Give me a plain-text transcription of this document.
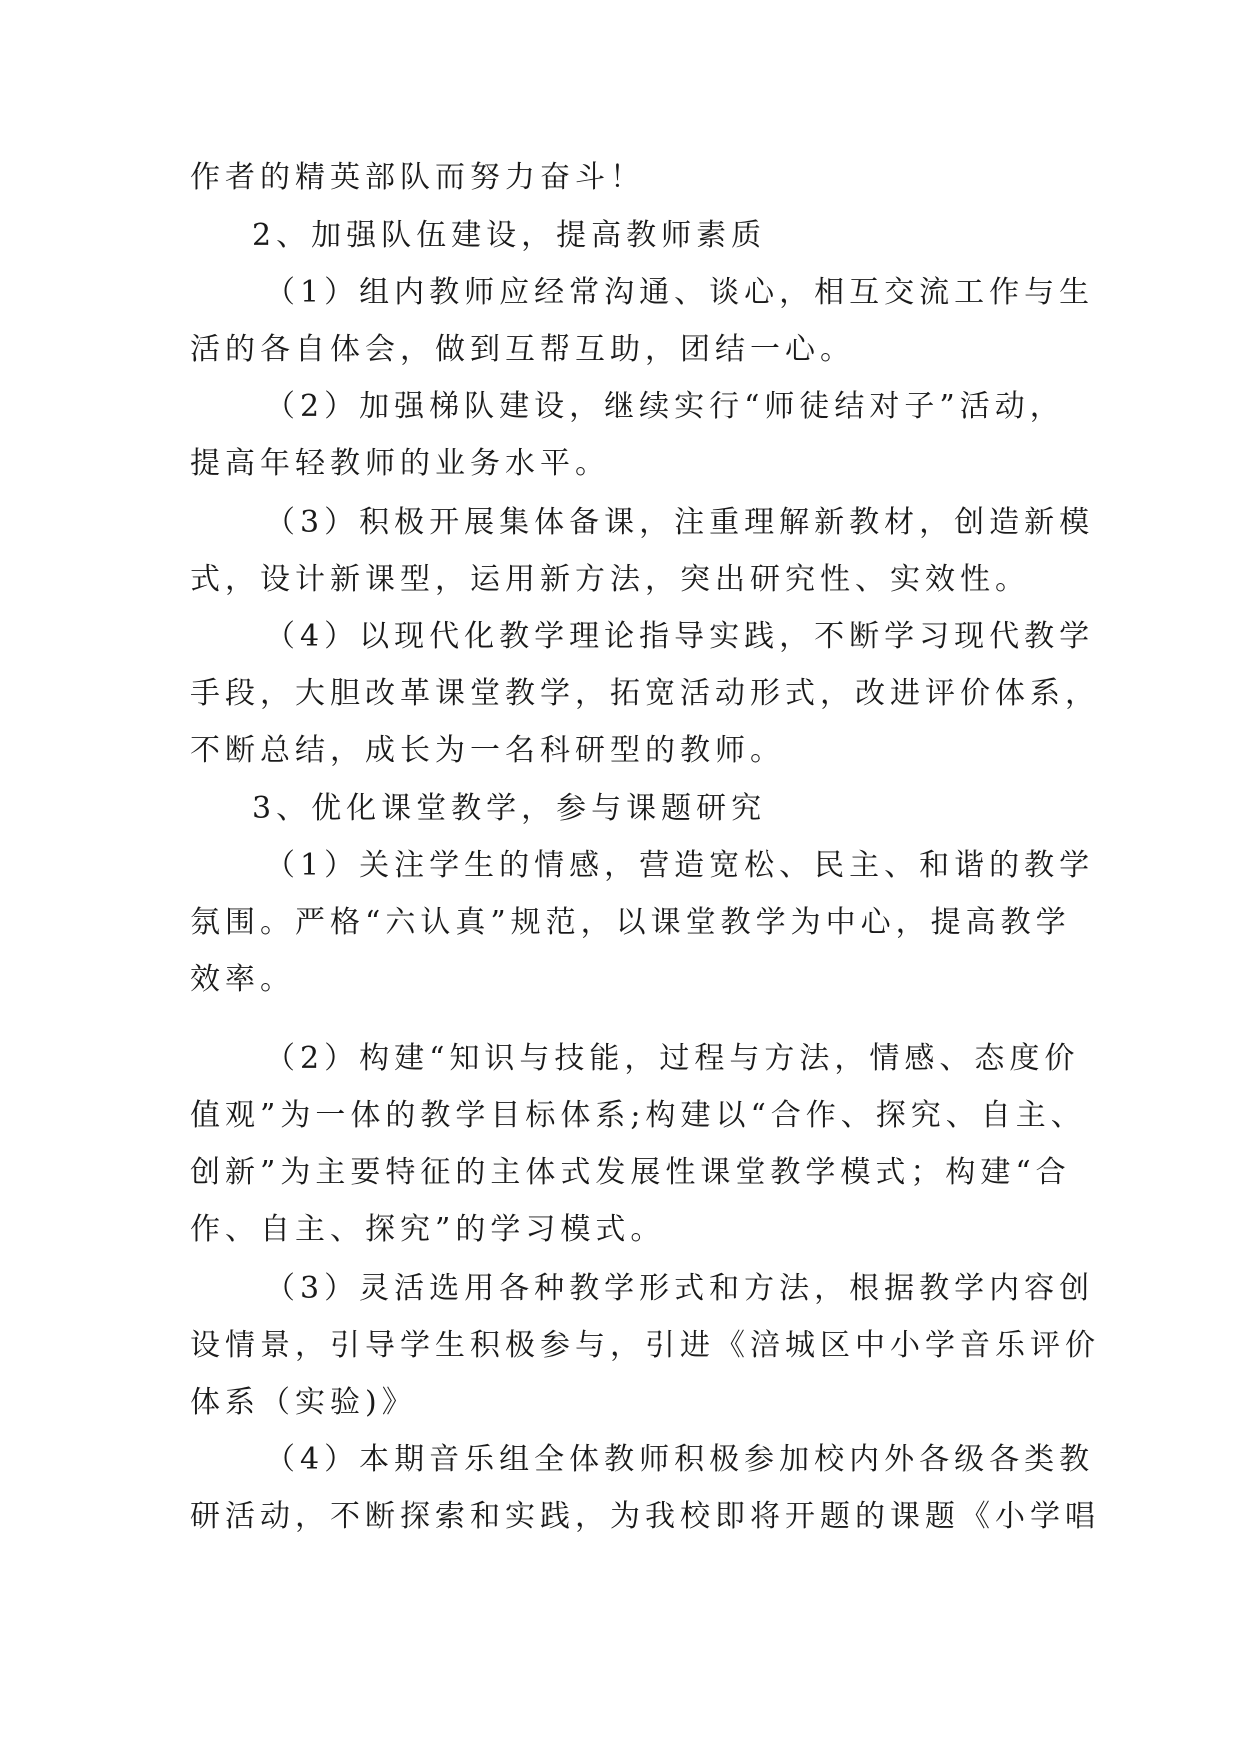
作者的精英部队而努力奋斗！
2、加强队伍建设，提高教师素质
（1）组内教师应经常沟通、谈心，相互交流工作与生
活的各自体会，做到互帮互助，团结一心。
（2）加强梯队建设，继续实行“师徒结对子”活动，
提高年轻教师的业务水平。
（3）积极开展集体备课，注重理解新教材，创造新模
式，设计新课型，运用新方法，突出研究性、实效性。
（4）以现代化教学理论指导实践，不断学习现代教学
手段，大胆改革课堂教学，拓宽活动形式，改进评价体系，
不断总结，成长为一名科研型的教师。
3、优化课堂教学，参与课题研究
（1）关注学生的情感，营造宽松、民主、和谐的教学
氛围。严格“六认真”规范，以课堂教学为中心，提高教学
效率。
（2）构建“知识与技能，过程与方法，情感、态度价
值观”为一体的教学目标体系;构建以“合作、探究、自主、
创新”为主要特征的主体式发展性课堂教学模式；构建“合
作、自主、探究”的学习模式。
（3）灵活选用各种教学形式和方法，根据教学内容创
设情景，引导学生积极参与，引进《涪城区中小学音乐评价
体系（实验)》
（4）本期音乐组全体教师积极参加校内外各级各类教
研活动，不断探索和实践，为我校即将开题的课题《小学唱
